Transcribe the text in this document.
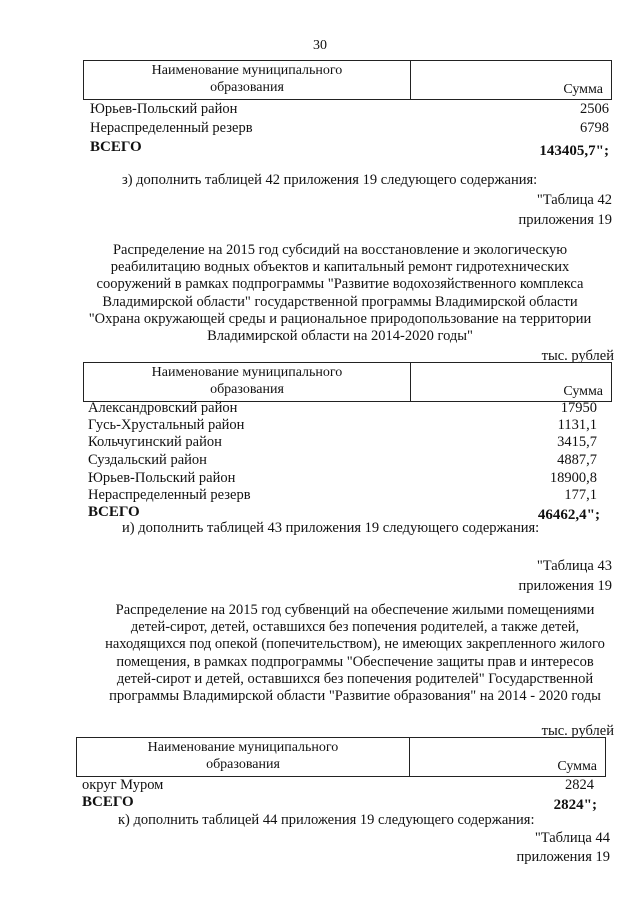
30
Наименование муниципального
образования	Сумма
Юрьев-Польский район	2506
Нераспределенный резерв	6798
ВСЕГО	143405,7";
з) дополнить таблицей 42 приложения 19 следующего содержания:
"Таблица 42
приложения 19
Распределение на 2015 год субсидий на восстановление и экологическую
реабилитацию водных объектов и капитальный ремонт гидротехнических
сооружений в рамках подпрограммы "Развитие водохозяйственного комплекса
Владимирской области" государственной программы Владимирской области
"Охрана окружающей среды и рациональное природопользование на территории
Владимирской области на 2014-2020 годы"
тыс. рублей
Наименование муниципального
образования	Сумма
Александровский район	17950
Гусь-Хрустальный район	1131,1
Кольчугинский район	3415,7
Суздальский район	4887,7
Юрьев-Польский район	18900,8
Нераспределенный резерв	177,1
ВСЕГО	46462,4";
и) дополнить таблицей 43 приложения 19 следующего содержания:
"Таблица 43
приложения 19
Распределение на 2015 год субвенций на обеспечение жилыми помещениями
детей-сирот, детей, оставшихся без попечения родителей, а также детей,
находящихся под опекой (попечительством), не имеющих закрепленного жилого
помещения, в рамках подпрограммы "Обеспечение защиты прав и интересов
детей-сирот и детей, оставшихся без попечения родителей" Государственной
программы Владимирской области "Развитие образования" на 2014 - 2020 годы
тыс. рублей
Наименование муниципального
образования	Сумма
округ Муром	2824
ВСЕГО	2824";
к) дополнить таблицей 44 приложения 19 следующего содержания:
"Таблица 44
приложения 19
